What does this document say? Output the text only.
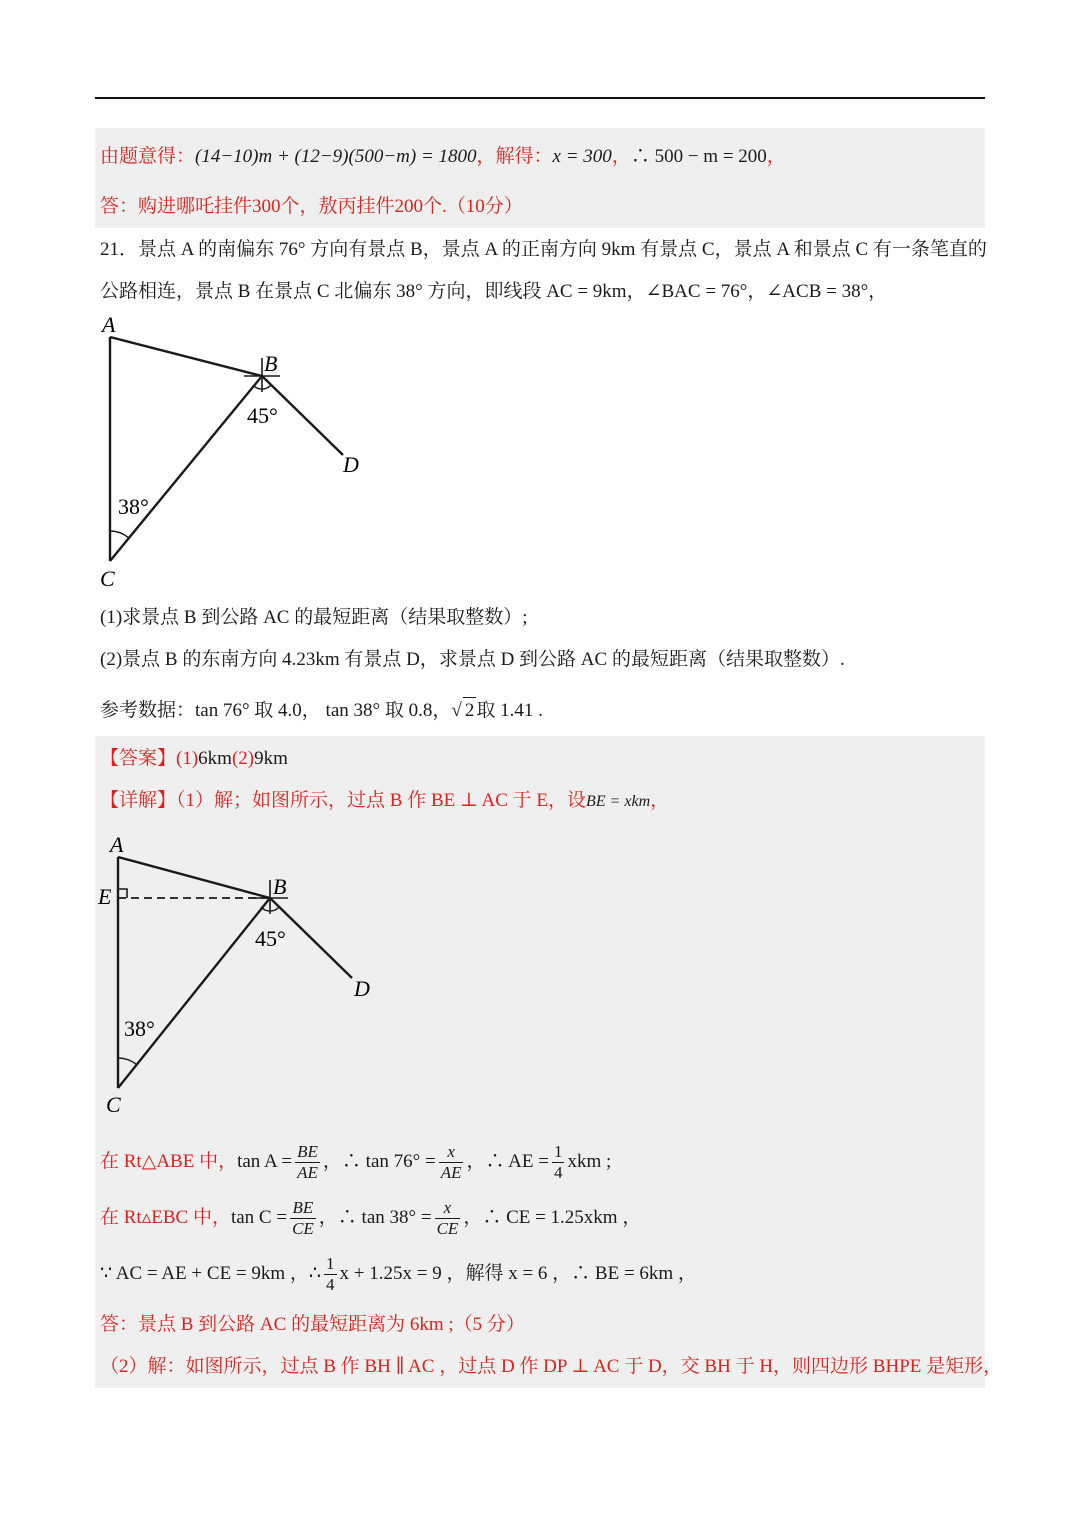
由题意得：(14−10)m + (12−9)(500−m) = 1800，解得：x = 300，∴ 500 − m = 200，
答：购进哪吒挂件300个，敖丙挂件200个.（10分）
21．景点 A 的南偏东 76° 方向有景点 B，景点 A 的正南方向 9km 有景点 C，景点 A 和景点 C 有一条笔直的
公路相连，景点 B 在景点 C 北偏东 38° 方向，即线段 AC = 9km，∠BAC = 76°，∠ACB = 38°，
A
B
C
D
45°
38°
(1)求景点 B 到公路 AC 的最短距离（结果取整数）;
(2)景点 B 的东南方向 4.23km 有景点 D，求景点 D 到公路 AC 的最短距离（结果取整数）.
参考数据：tan 76° 取 4.0， tan 38° 取 0.8，√ 2 取 1.41 .
【答案】(1)6km(2)9km
【详解】（1）解；如图所示，过点 B 作 BE ⊥ AC 于 E，设BE = xkm，
A
B
E
C
D
45°
38°
在 Rt△ABE 中，$\tan A = \frac{BE}{AE}$ ，∴ $\tan 76^\circ = \frac{x}{AE}$ ，∴ AE = $\frac{1}{4}$ xkm ;
在 Rt▵EBC 中，$\tan C = \frac{BE}{CE}$ ，∴ $\tan 38^\circ = \frac{x}{CE}$ ，∴ CE = 1.25xkm ，
∵ AC = AE + CE = 9km ，∴ $\frac{1}{4}$ x + 1.25x = 9 ，解得 x = 6 ，∴ BE = 6km ，
答：景点 B 到公路 AC 的最短距离为 6km ;（5 分）
（2）解：如图所示，过点 B 作 BH ∥ AC ，过点 D 作 DP ⊥ AC 于 D，交 BH 于 H，则四边形 BHPE 是矩形，
